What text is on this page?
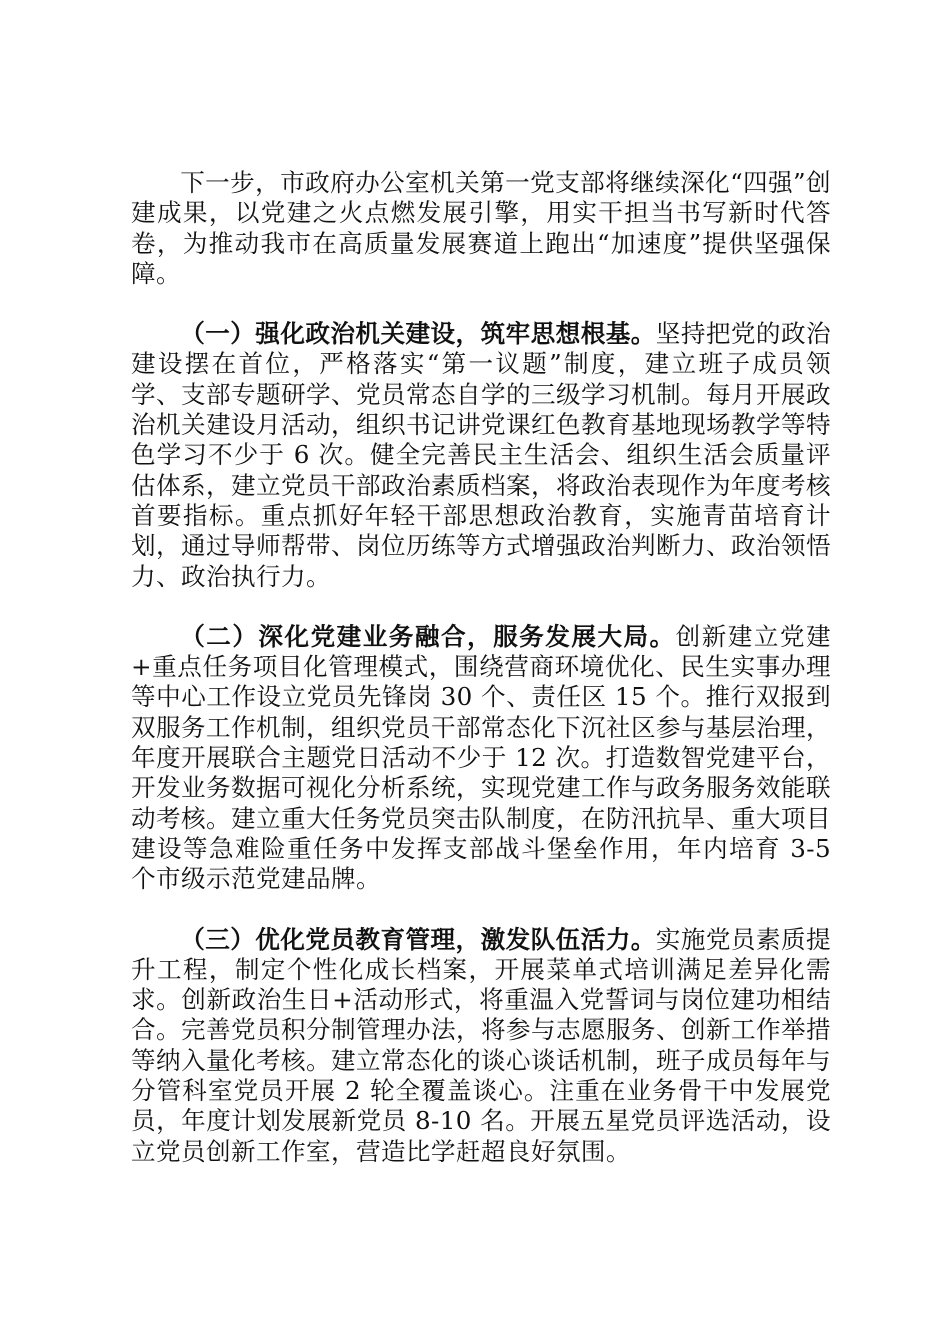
下一步，市政府办公室机关第一党支部将继续深化“四强”创建成果，以党建之火点燃发展引擎，用实干担当书写新时代答卷，为推动我市在高质量发展赛道上跑出“加速度”提供坚强保障。

（一）强化政治机关建设，筑牢思想根基。坚持把党的政治建设摆在首位，严格落实“第一议题”制度，建立班子成员领学、支部专题研学、党员常态自学的三级学习机制。每月开展政治机关建设月活动，组织书记讲党课红色教育基地现场教学等特色学习不少于 6 次。健全完善民主生活会、组织生活会质量评估体系，建立党员干部政治素质档案，将政治表现作为年度考核首要指标。重点抓好年轻干部思想政治教育，实施青苗培育计划，通过导师帮带、岗位历练等方式增强政治判断力、政治领悟力、政治执行力。

（二）深化党建业务融合，服务发展大局。创新建立党建+重点任务项目化管理模式，围绕营商环境优化、民生实事办理等中心工作设立党员先锋岗 30 个、责任区 15 个。推行双报到双服务工作机制，组织党员干部常态化下沉社区参与基层治理，年度开展联合主题党日活动不少于 12 次。打造数智党建平台，开发业务数据可视化分析系统，实现党建工作与政务服务效能联动考核。建立重大任务党员突击队制度，在防汛抗旱、重大项目建设等急难险重任务中发挥支部战斗堡垒作用，年内培育 3-5 个市级示范党建品牌。

（三）优化党员教育管理，激发队伍活力。实施党员素质提升工程，制定个性化成长档案，开展菜单式培训满足差异化需求。创新政治生日+活动形式，将重温入党誓词与岗位建功相结合。完善党员积分制管理办法，将参与志愿服务、创新工作举措等纳入量化考核。建立常态化的谈心谈话机制，班子成员每年与分管科室党员开展 2 轮全覆盖谈心。注重在业务骨干中发展党员，年度计划发展新党员 8-10 名。开展五星党员评选活动，设立党员创新工作室，营造比学赶超良好氛围。
